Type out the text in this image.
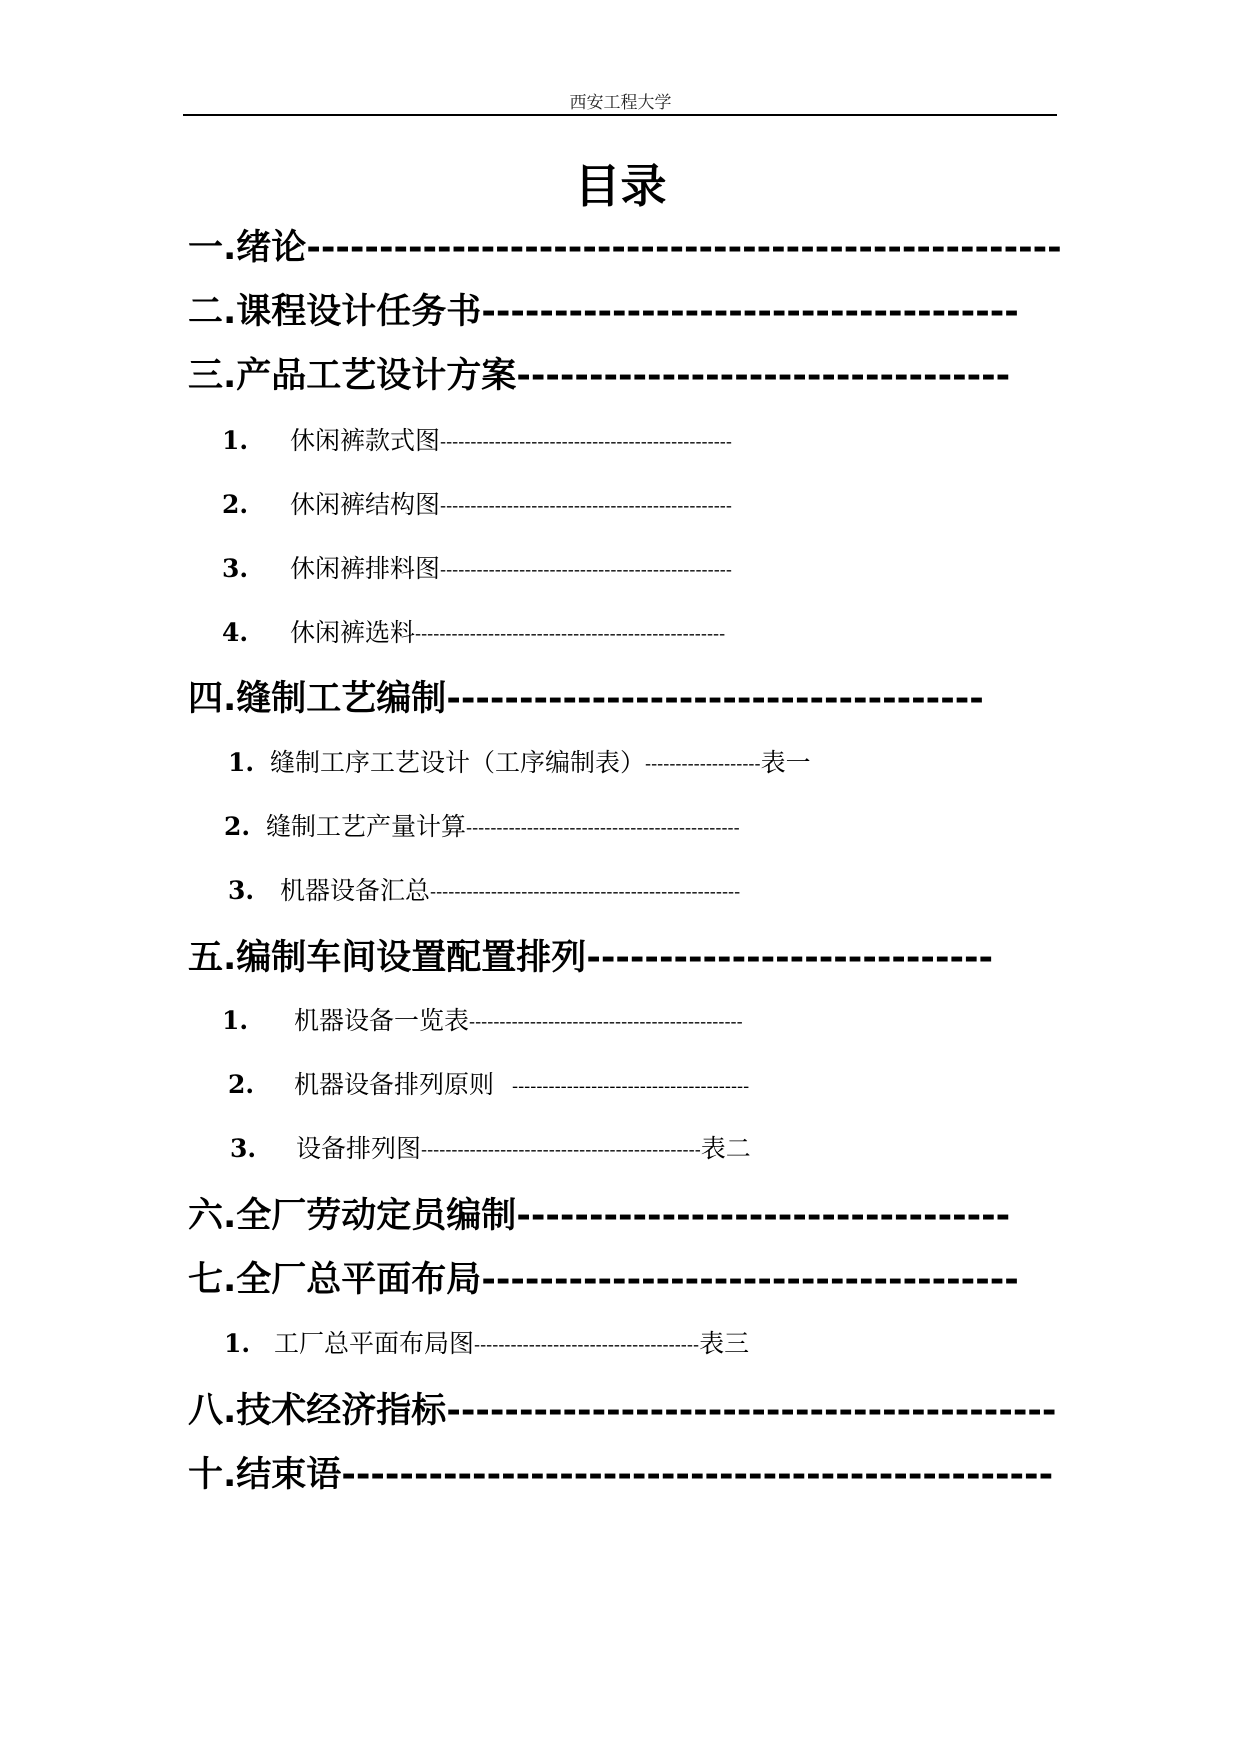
西安工程大学
目录
一.绪论----------------------------------------------------
二.课程设计任务书-------------------------------------
三.产品工艺设计方案----------------------------------
1. 休闲裤款式图------------------------------------------------
2. 休闲裤结构图------------------------------------------------
3. 休闲裤排料图------------------------------------------------
4. 休闲裤选料---------------------------------------------------
四.缝制工艺编制-------------------------------------
1. 缝制工序工艺设计（工序编制表）-------------------表一
2. 缝制工艺产量计算---------------------------------------------
3. 机器设备汇总---------------------------------------------------
五.编制车间设置配置排列----------------------------
1. 机器设备一览表---------------------------------------------
2. 机器设备排列原则 ---------------------------------------
3. 设备排列图----------------------------------------------表二
六.全厂劳动定员编制----------------------------------
七.全厂总平面布局-------------------------------------
1. 工厂总平面布局图-------------------------------------表三
八.技术经济指标------------------------------------------
十.结束语-------------------------------------------------
